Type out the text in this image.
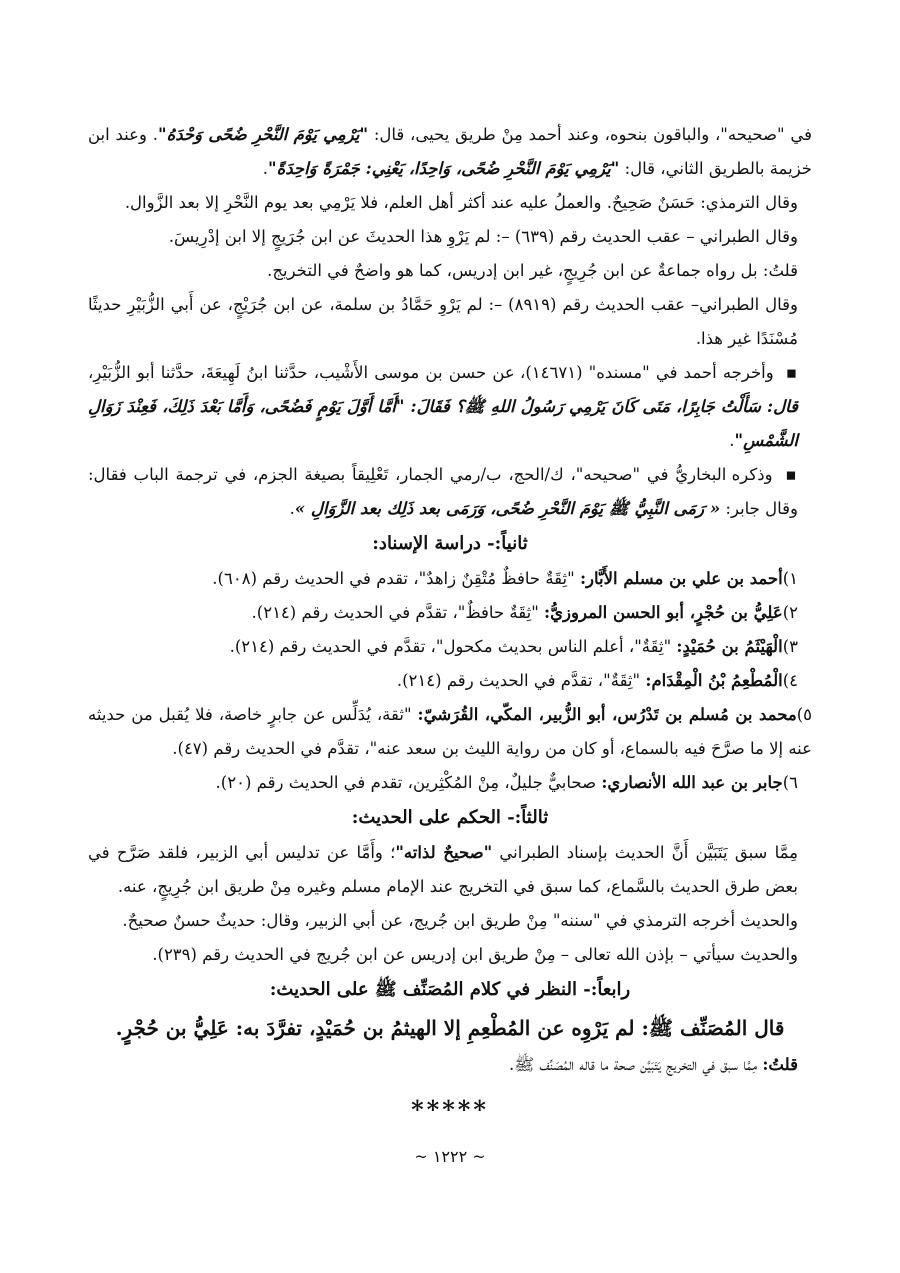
في "صحيحه"، والباقون بنحوه، وعند أحمد مِنْ طريق يحيى، قال: "يَرْمِي يَوْمَ النَّحْرِ ضُحًى وَحْدَهُ". وعند ابن خزيمة بالطريق الثاني، قال: "يَرْمِي يَوْمَ النَّحْرِ ضُحًى، وَاحِدًا، يَعْنِي: جَمْرَةً وَاحِدَةً".

وقال الترمذي: حَسَنٌ صَحِيحٌ. والعملُ عليه عند أكثر أهل العلم، فلا يَرْمِي بعد يوم النَّحْرِ إلا بعد الزَّوال.

وقال الطبراني – عقب الحديث رقم (٦٣٩) –: لم يَرْوِ هذا الحديثَ عن ابن جُرَيجٍ إلا ابن إدْرِيسَ.

قلتُ: بل رواه جماعةٌ عن ابن جُرِيجٍ، غير ابن إدريس، كما هو واضحٌ في التخريج.

وقال الطبراني– عقب الحديث رقم (٨٩١٩) –: لم يَرْوِ حَمَّادُ بن سلمة، عن ابن جُرَيْجٍ، عن أَبي الزُّبَيْرِ حديثًا مُسْنَدًا غير هذا.

▪ وأخرجه أحمد في "مسنده" (١٤٦٧١)، عن حسن بن موسى الأَشْيب، حدَّثنا ابنُ لَهِيعَةَ، حدَّثنا أبو الزُّبَيْرِ، قال: سَأَلْتُ جَابِرًا، مَتَى كَانَ يَرْمِي رَسُولُ اللهِ ﷺ؟ فَقَالَ: "أَمَّا أَوَّلَ يَوْمٍ فَضُحًى، وَأَمَّا بَعْدَ ذَلِكَ، فَعِنْدَ زَوَالِ الشَّمْسِ".

▪ وذكره البخاريُّ في "صحيحه"، ك/الحج، ب/رمي الجمار، تَعْلِيقاً بصيغة الجزم، في ترجمة الباب فقال: وقال جابر: « رَمَى النَّبِيُّ ﷺ يَوْمَ النَّحْرِ ضُحًى، وَرَمَى بعد ذَلِك بعد الزَّوَالِ ».

ثانياً:- دراسة الإسناد:

١)أحمد بن علي بن مسلم الأَبَّار: "ثِقَةٌ حافظٌ مُتْقِنٌ زاهدٌ"، تقدم في الحديث رقم (٦٠٨).

٢)عَلِيُّ بن حُجْرٍ، أبو الحسن المروزيُّ: "ثِقَةٌ حافظٌ"، تقدَّم في الحديث رقم (٢١٤).

٣)الْهَيْثَمُ بن حُمَيْدٍ: "ثِقَةٌ"، أعلم الناس بحديث مكحول"، تقدَّم في الحديث رقم (٢١٤).

٤)الْمُطْعِمُ بْنُ الْمِقْدَام: "ثِقَةٌ"، تقدَّم في الحديث رقم (٢١٤).

٥)محمد بن مُسلم بن تَدْرُس، أبو الزُّبير، المكّي، القُرَشيّ: "ثقة، يُدَلِّس عن جابرٍ خاصة، فلا يُقبل من حديثه عنه إلا ما صرَّحَ فيه بالسماع، أو كان من رواية الليث بن سعد عنه"، تقدَّم في الحديث رقم (٤٧).

٦)جابر بن عبد الله الأنصاري: صحابيٌّ جليلٌ، مِنْ المُكْثِرين، تقدم في الحديث رقم (٢٠).

ثالثاً:- الحكم على الحديث:

مِمَّا سبق يَتَبَيَّن أَنَّ الحديث بإسناد الطبراني "صحيحٌ لذاته"؛ وأَمَّا عن تدليس أبي الزبير، فلقد صَرَّح في بعض طرق الحديث بالسَّماع، كما سبق في التخريج عند الإمام مسلم وغيره مِنْ طريق ابن جُرِيجٍ، عنه.

والحديث أخرجه الترمذي في "سننه" مِنْ طريق ابن جُريج، عن أبي الزبير، وقال: حديثٌ حسنٌ صحيحٌ.

والحديث سيأتي – بإذن الله تعالى – مِنْ طريق ابن إدريس عن ابن جُريج في الحديث رقم (٢٣٩).

رابعاً:- النظر في كلام المُصَنِّف ﷺ على الحديث:

قال المُصَنِّف ﷺ: لم يَرْوِه عن المُطْعِمِ إلا الهيثمُ بن حُمَيْدٍ، تفرَّدَ به: عَلِيُّ بن حُجْرٍ.

قلتُ: مِمَّا سبق في التخريج يَتَبَيَّن صحة ما قاله المُصَنِّف ﷺ.

*****
~ ١٢٢٢ ~
